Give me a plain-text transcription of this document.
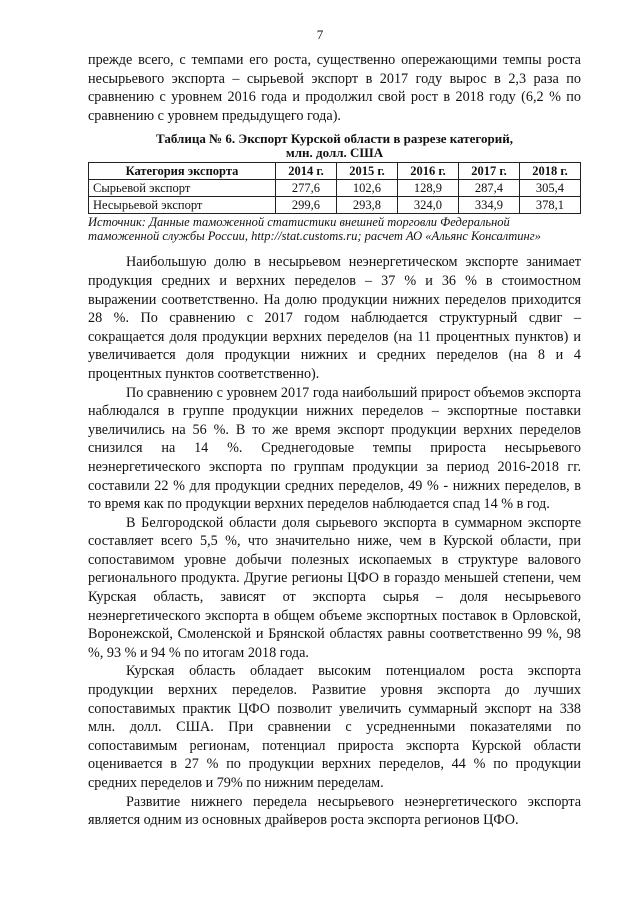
7

прежде всего, с темпами его роста, существенно опережающими темпы роста несырьевого экспорта – сырьевой экспорт в 2017 году вырос в 2,3 раза по сравнению с уровнем 2016 года и продолжил свой рост в 2018 году (6,2 % по сравнению с уровнем предыдущего года).

Таблица № 6. Экспорт Курской области в разрезе категорий,
млн. долл. США
Категория экспорта	2014 г.	2015 г.	2016 г.	2017 г.	2018 г.
Сырьевой экспорт	277,6	102,6	128,9	287,4	305,4
Несырьевой экспорт	299,6	293,8	324,0	334,9	378,1
Источник: Данные таможенной статистики внешней торговли Федеральной таможенной службы России, http://stat.customs.ru; расчет АО «Альянс Консалтинг»

Наибольшую долю в несырьевом неэнергетическом экспорте занимает продукция средних и верхних переделов – 37 % и 36 % в стоимостном выражении соответственно. На долю продукции нижних переделов приходится 28 %. По сравнению с 2017 годом наблюдается структурный сдвиг – сокращается доля продукции верхних переделов (на 11 процентных пунктов) и увеличивается доля продукции нижних и средних переделов (на 8 и 4 процентных пунктов соответственно).

По сравнению с уровнем 2017 года наибольший прирост объемов экспорта наблюдался в группе продукции нижних переделов – экспортные поставки увеличились на 56 %. В то же время экспорт продукции верхних переделов снизился на 14 %. Среднегодовые темпы прироста несырьевого неэнергетического экспорта по группам продукции за период 2016-2018 гг. составили 22 % для продукции средних переделов, 49 % - нижних переделов, в то время как по продукции верхних переделов наблюдается спад 14 % в год.

В Белгородской области доля сырьевого экспорта в суммарном экспорте составляет всего 5,5 %, что значительно ниже, чем в Курской области, при сопоставимом уровне добычи полезных ископаемых в структуре валового регионального продукта. Другие регионы ЦФО в гораздо меньшей степени, чем Курская область, зависят от экспорта сырья – доля несырьевого неэнергетического экспорта в общем объеме экспортных поставок в Орловской, Воронежской, Смоленской и Брянской областях равны соответственно 99 %, 98 %, 93 % и 94 % по итогам 2018 года.

Курская область обладает высоким потенциалом роста экспорта продукции верхних переделов. Развитие уровня экспорта до лучших сопоставимых практик ЦФО позволит увеличить суммарный экспорт на 338 млн. долл. США. При сравнении с усредненными показателями по сопоставимым регионам, потенциал прироста экспорта Курской области оценивается в 27 % по продукции верхних переделов, 44 % по продукции средних переделов и 79% по нижним переделам.

Развитие нижнего передела несырьевого неэнергетического экспорта является одним из основных драйверов роста экспорта регионов ЦФО.
